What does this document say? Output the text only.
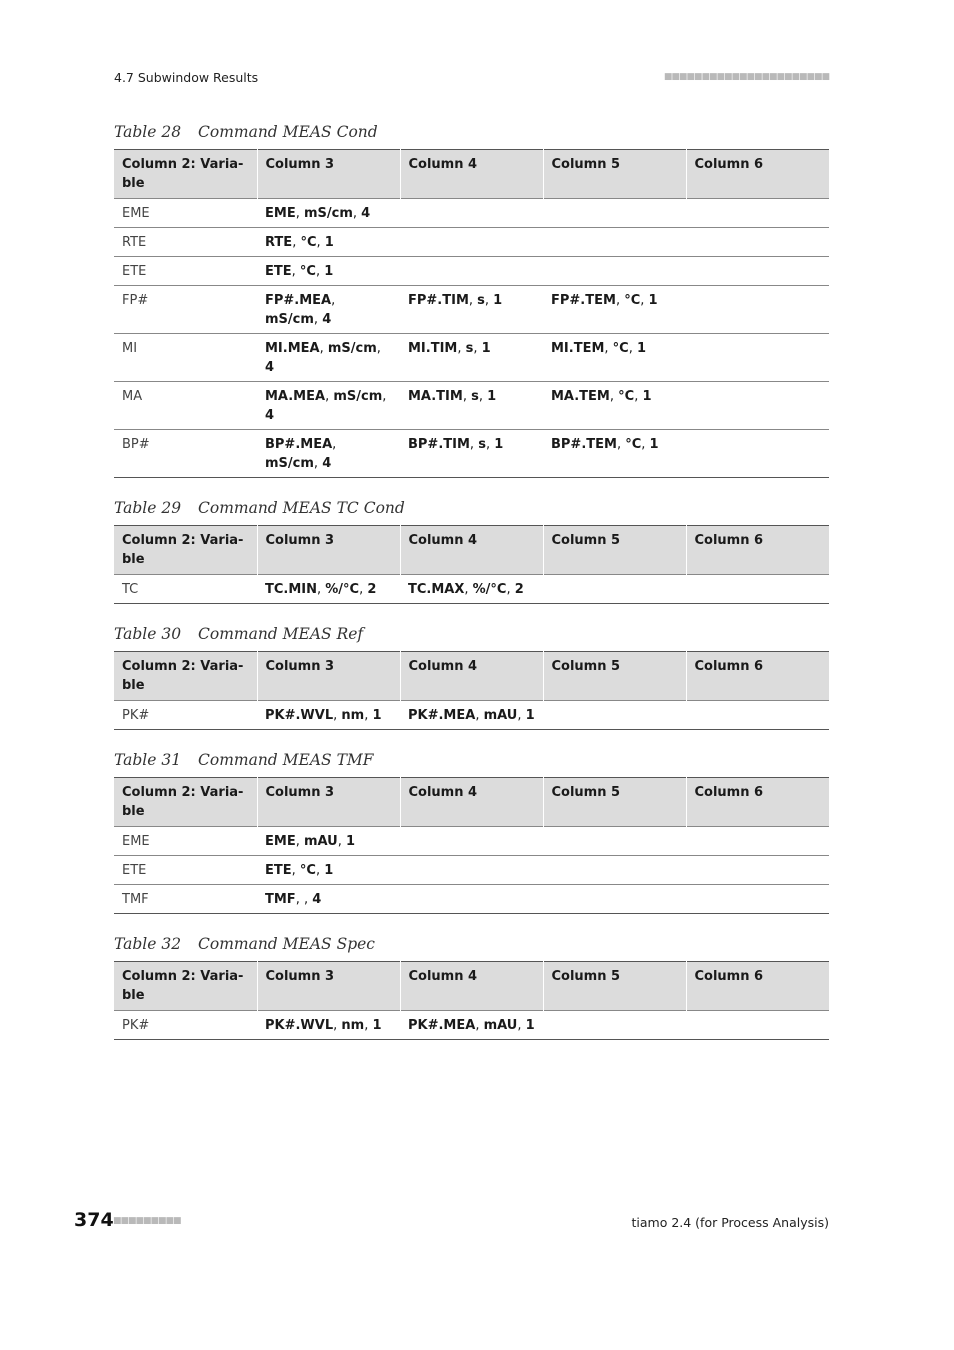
4.7 Subwindow Results	■■■■■■■■■■■■■■■■■■■■■■
Table 28 Command MEAS Cond
Column 2: Varia-
ble	Column 3	Column 4	Column 5	Column 6
EME	EME, mS/cm, 4			
RTE	RTE, °C, 1			
ETE	ETE, °C, 1			
FP#	FP#.MEA, mS/cm, 4	FP#.TIM, s, 1	FP#.TEM, °C, 1	
MI	MI.MEA, mS/cm, 4	MI.TIM, s, 1	MI.TEM, °C, 1	
MA	MA.MEA, mS/cm, 4	MA.TIM, s, 1	MA.TEM, °C, 1	
BP#	BP#.MEA, mS/cm, 4	BP#.TIM, s, 1	BP#.TEM, °C, 1	
Table 29 Command MEAS TC Cond
Column 2: Varia-
ble	Column 3	Column 4	Column 5	Column 6
TC	TC.MIN, %/°C, 2	TC.MAX, %/°C, 2		
Table 30 Command MEAS Ref
Column 2: Varia-
ble	Column 3	Column 4	Column 5	Column 6
PK#	PK#.WVL, nm, 1	PK#.MEA, mAU, 1		
Table 31 Command MEAS TMF
Column 2: Varia-
ble	Column 3	Column 4	Column 5	Column 6
EME	EME, mAU, 1			
ETE	ETE, °C, 1			
TMF	TMF, , 4			
Table 32 Command MEAS Spec
Column 2: Varia-
ble	Column 3	Column 4	Column 5	Column 6
PK#	PK#.WVL, nm, 1	PK#.MEA, mAU, 1		
374 ■■■■■■■■■	tiamo 2.4 (for Process Analysis)
